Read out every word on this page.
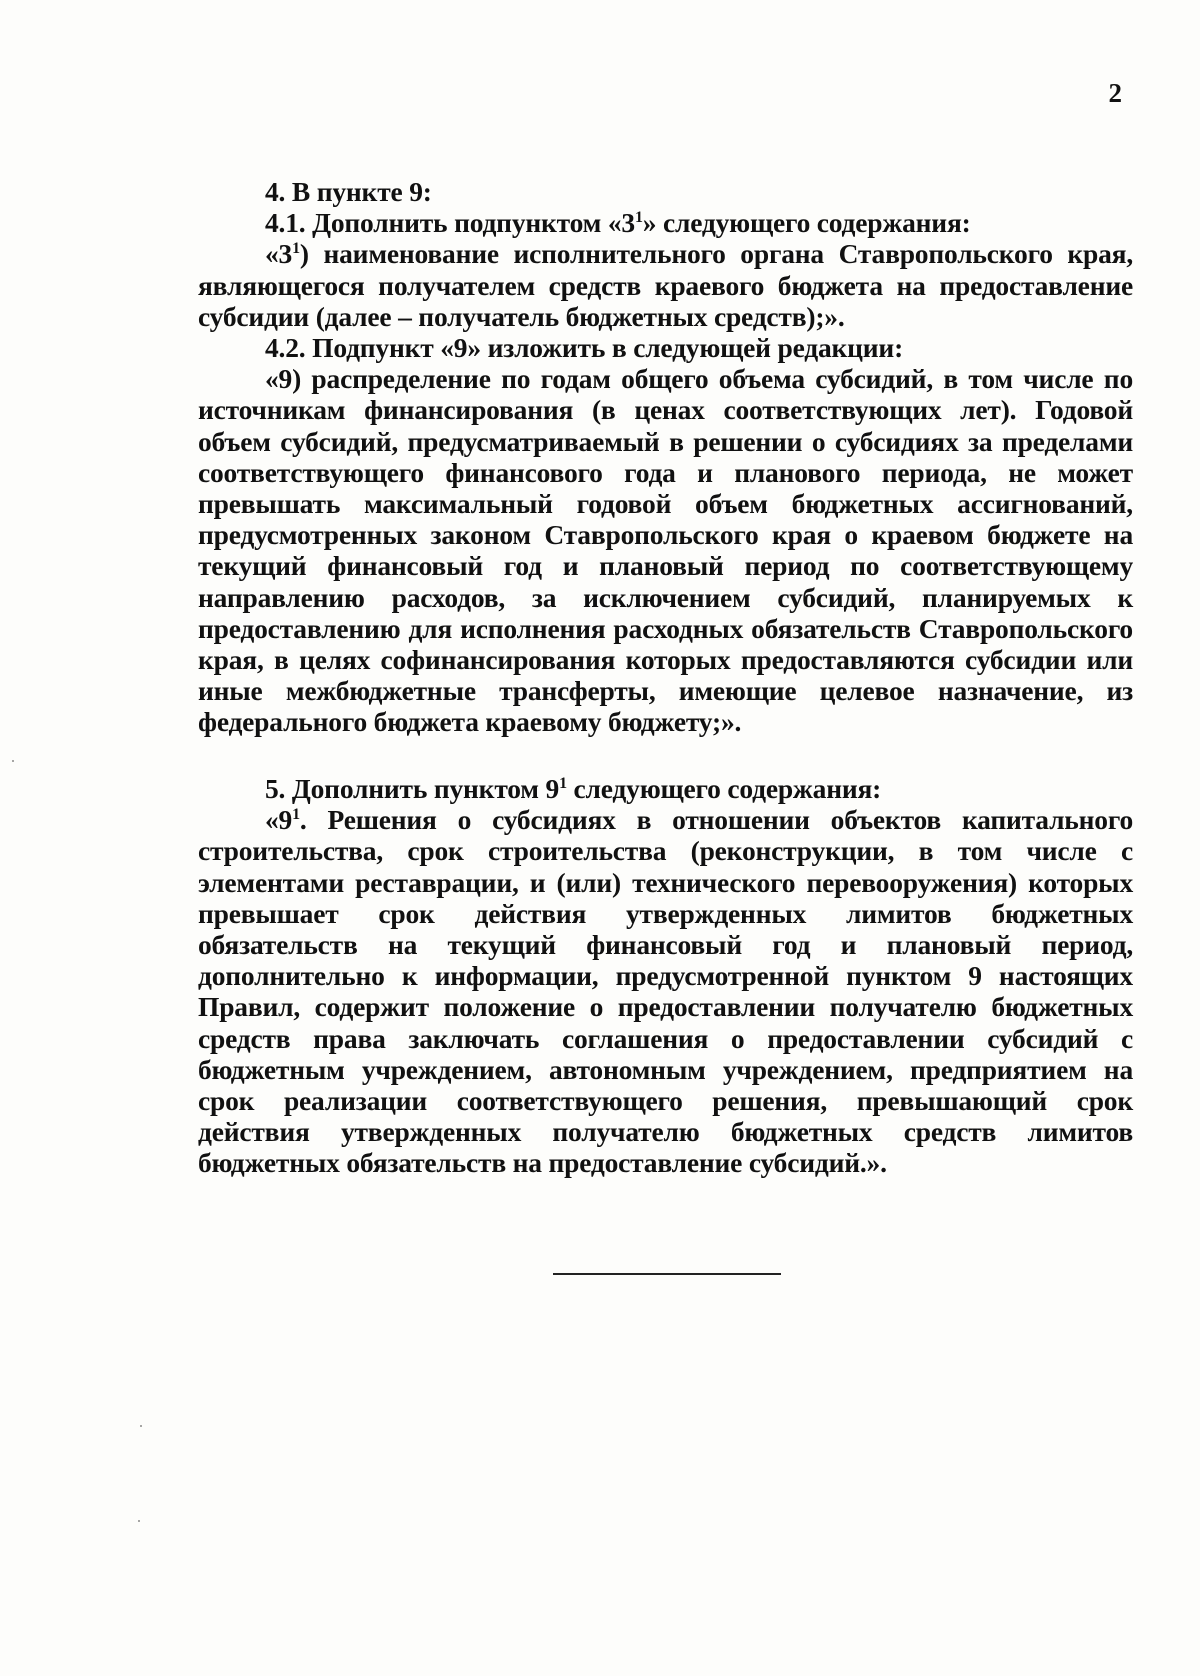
2

4. В пункте 9:

4.1. Дополнить подпунктом «$3^1$» следующего содержания:

«$3^1$) наименование исполнительного органа Ставропольского края, являющегося получателем средств краевого бюджета на предоставление субсидии (далее – получатель бюджетных средств);».

4.2. Подпункт «9» изложить в следующей редакции:

«9) распределение по годам общего объема субсидий, в том числе по источникам финансирования (в ценах соответствующих лет). Годовой объем субсидий, предусматриваемый в решении о субсидиях за пределами соответствующего финансового года и планового периода, не может превышать максимальный годовой объем бюджетных ассигнований, предусмотренных законом Ставропольского края о краевом бюджете на текущий финансовый год и плановый период по соответствующему направлению расходов, за исключением субсидий, планируемых к предоставлению для исполнения расходных обязательств Ставропольского края, в целях софинансирования которых предоставляются субсидии или иные межбюджетные трансферты, имеющие целевое назначение, из федерального бюджета краевому бюджету;».

5. Дополнить пунктом $9^1$ следующего содержания:

«$9^1$. Решения о субсидиях в отношении объектов капитального строительства, срок строительства (реконструкции, в том числе с элементами реставрации, и (или) технического перевооружения) которых превышает срок действия утвержденных лимитов бюджетных обязательств на текущий финансовый год и плановый период, дополнительно к информации, предусмотренной пунктом 9 настоящих Правил, содержит положение о предоставлении получателю бюджетных средств права заключать соглашения о предоставлении субсидий с бюджетным учреждением, автономным учреждением, предприятием на срок реализации соответствующего решения, превышающий срок действия утвержденных получателю бюджетных средств лимитов бюджетных обязательств на предоставление субсидий.».
